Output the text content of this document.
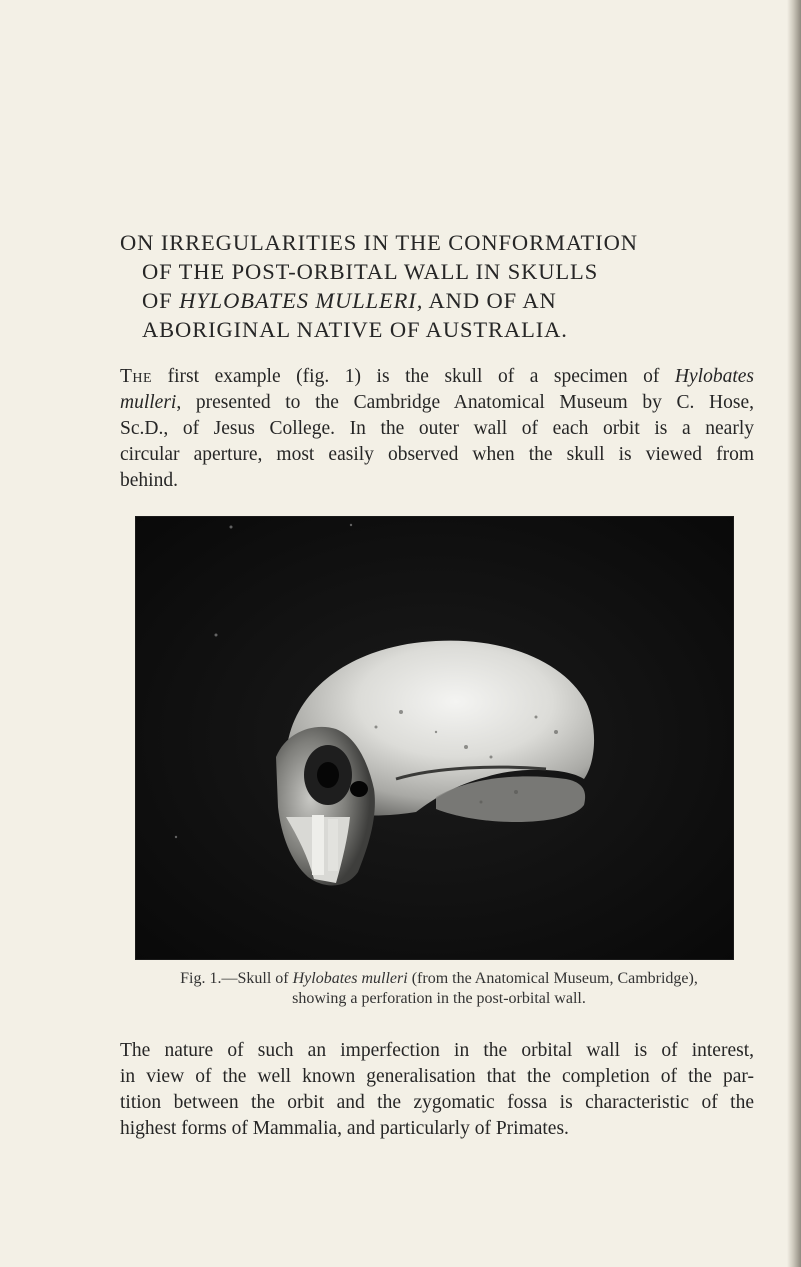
ON IRREGULARITIES IN THE CONFORMATION
OF THE POST-ORBITAL WALL IN SKULLS
OF HYLOBATES MULLERI, AND OF AN
ABORIGINAL NATIVE OF AUSTRALIA.
The first example (fig. 1) is the skull of a specimen of Hylobates
mulleri, presented to the Cambridge Anatomical Museum by C. Hose,
Sc.D., of Jesus College. In the outer wall of each orbit is a nearly
circular aperture, most easily observed when the skull is viewed from
behind.
Fig. 1.—Skull of Hylobates mulleri (from the Anatomical Museum, Cambridge),
showing a perforation in the post-orbital wall.
The nature of such an imperfection in the orbital wall is of interest,
in view of the well known generalisation that the completion of the par-
tition between the orbit and the zygomatic fossa is characteristic of the
highest forms of Mammalia, and particularly of Primates.
